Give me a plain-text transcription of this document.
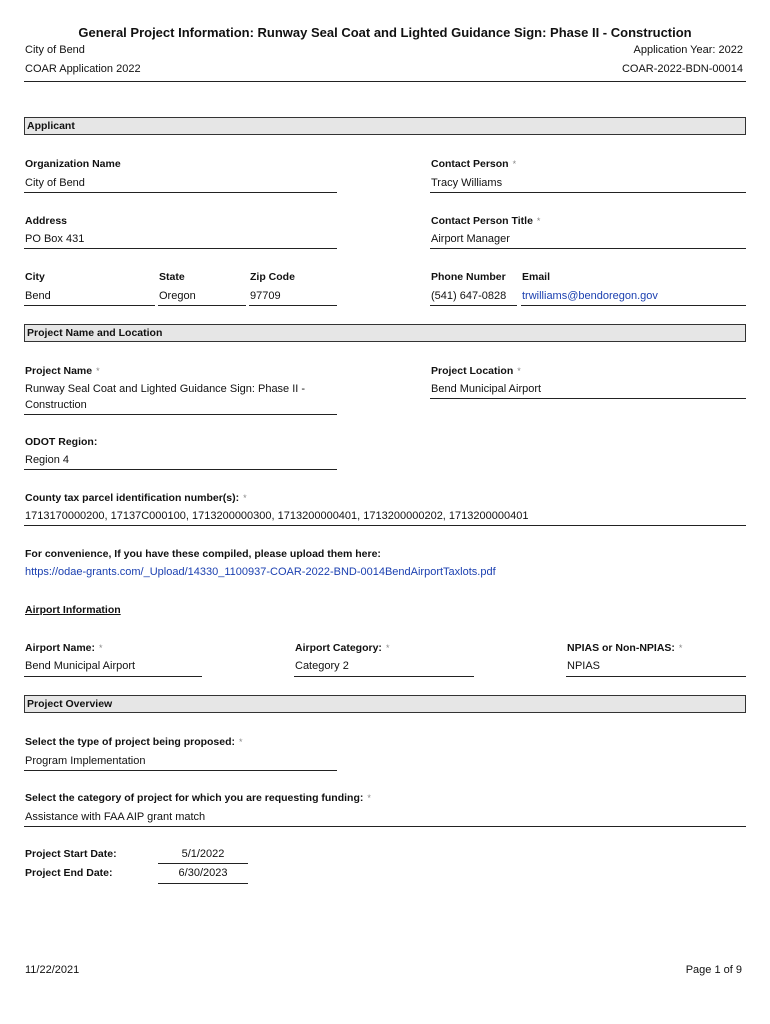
General Project Information: Runway Seal Coat and Lighted Guidance Sign: Phase II - Construction
City of Bend	Application Year: 2022
COAR Application 2022	COAR-2022-BDN-00014
Applicant
Organization Name
City of Bend
Contact Person *
Tracy Williams
Address
PO Box 431
Contact Person Title *
Airport Manager
City
Bend
State
Oregon
Zip Code
97709
Phone Number
(541) 647-0828
Email
trwilliams@bendoregon.gov
Project Name and Location
Project Name *
Runway Seal Coat and Lighted Guidance Sign: Phase II -
Construction
Project Location *
Bend Municipal Airport
ODOT Region:
Region 4
County tax parcel identification number(s): *
1713170000200, 17137C000100, 1713200000300, 1713200000401, 1713200000202, 1713200000401
For convenience, If you have these compiled, please upload them here:
https://odae-grants.com/_Upload/14330_1100937-COAR-2022-BND-0014BendAirportTaxlots.pdf
Airport Information
Airport Name: *
Bend Municipal Airport
Airport Category: *
Category 2
NPIAS or Non-NPIAS: *
NPIAS
Project Overview
Select the type of project being proposed: *
Program Implementation
Select the category of project for which you are requesting funding: *
Assistance with FAA AIP grant match
Project Start Date:	5/1/2022
Project End Date:	6/30/2023
11/22/2021	Page 1 of 9
